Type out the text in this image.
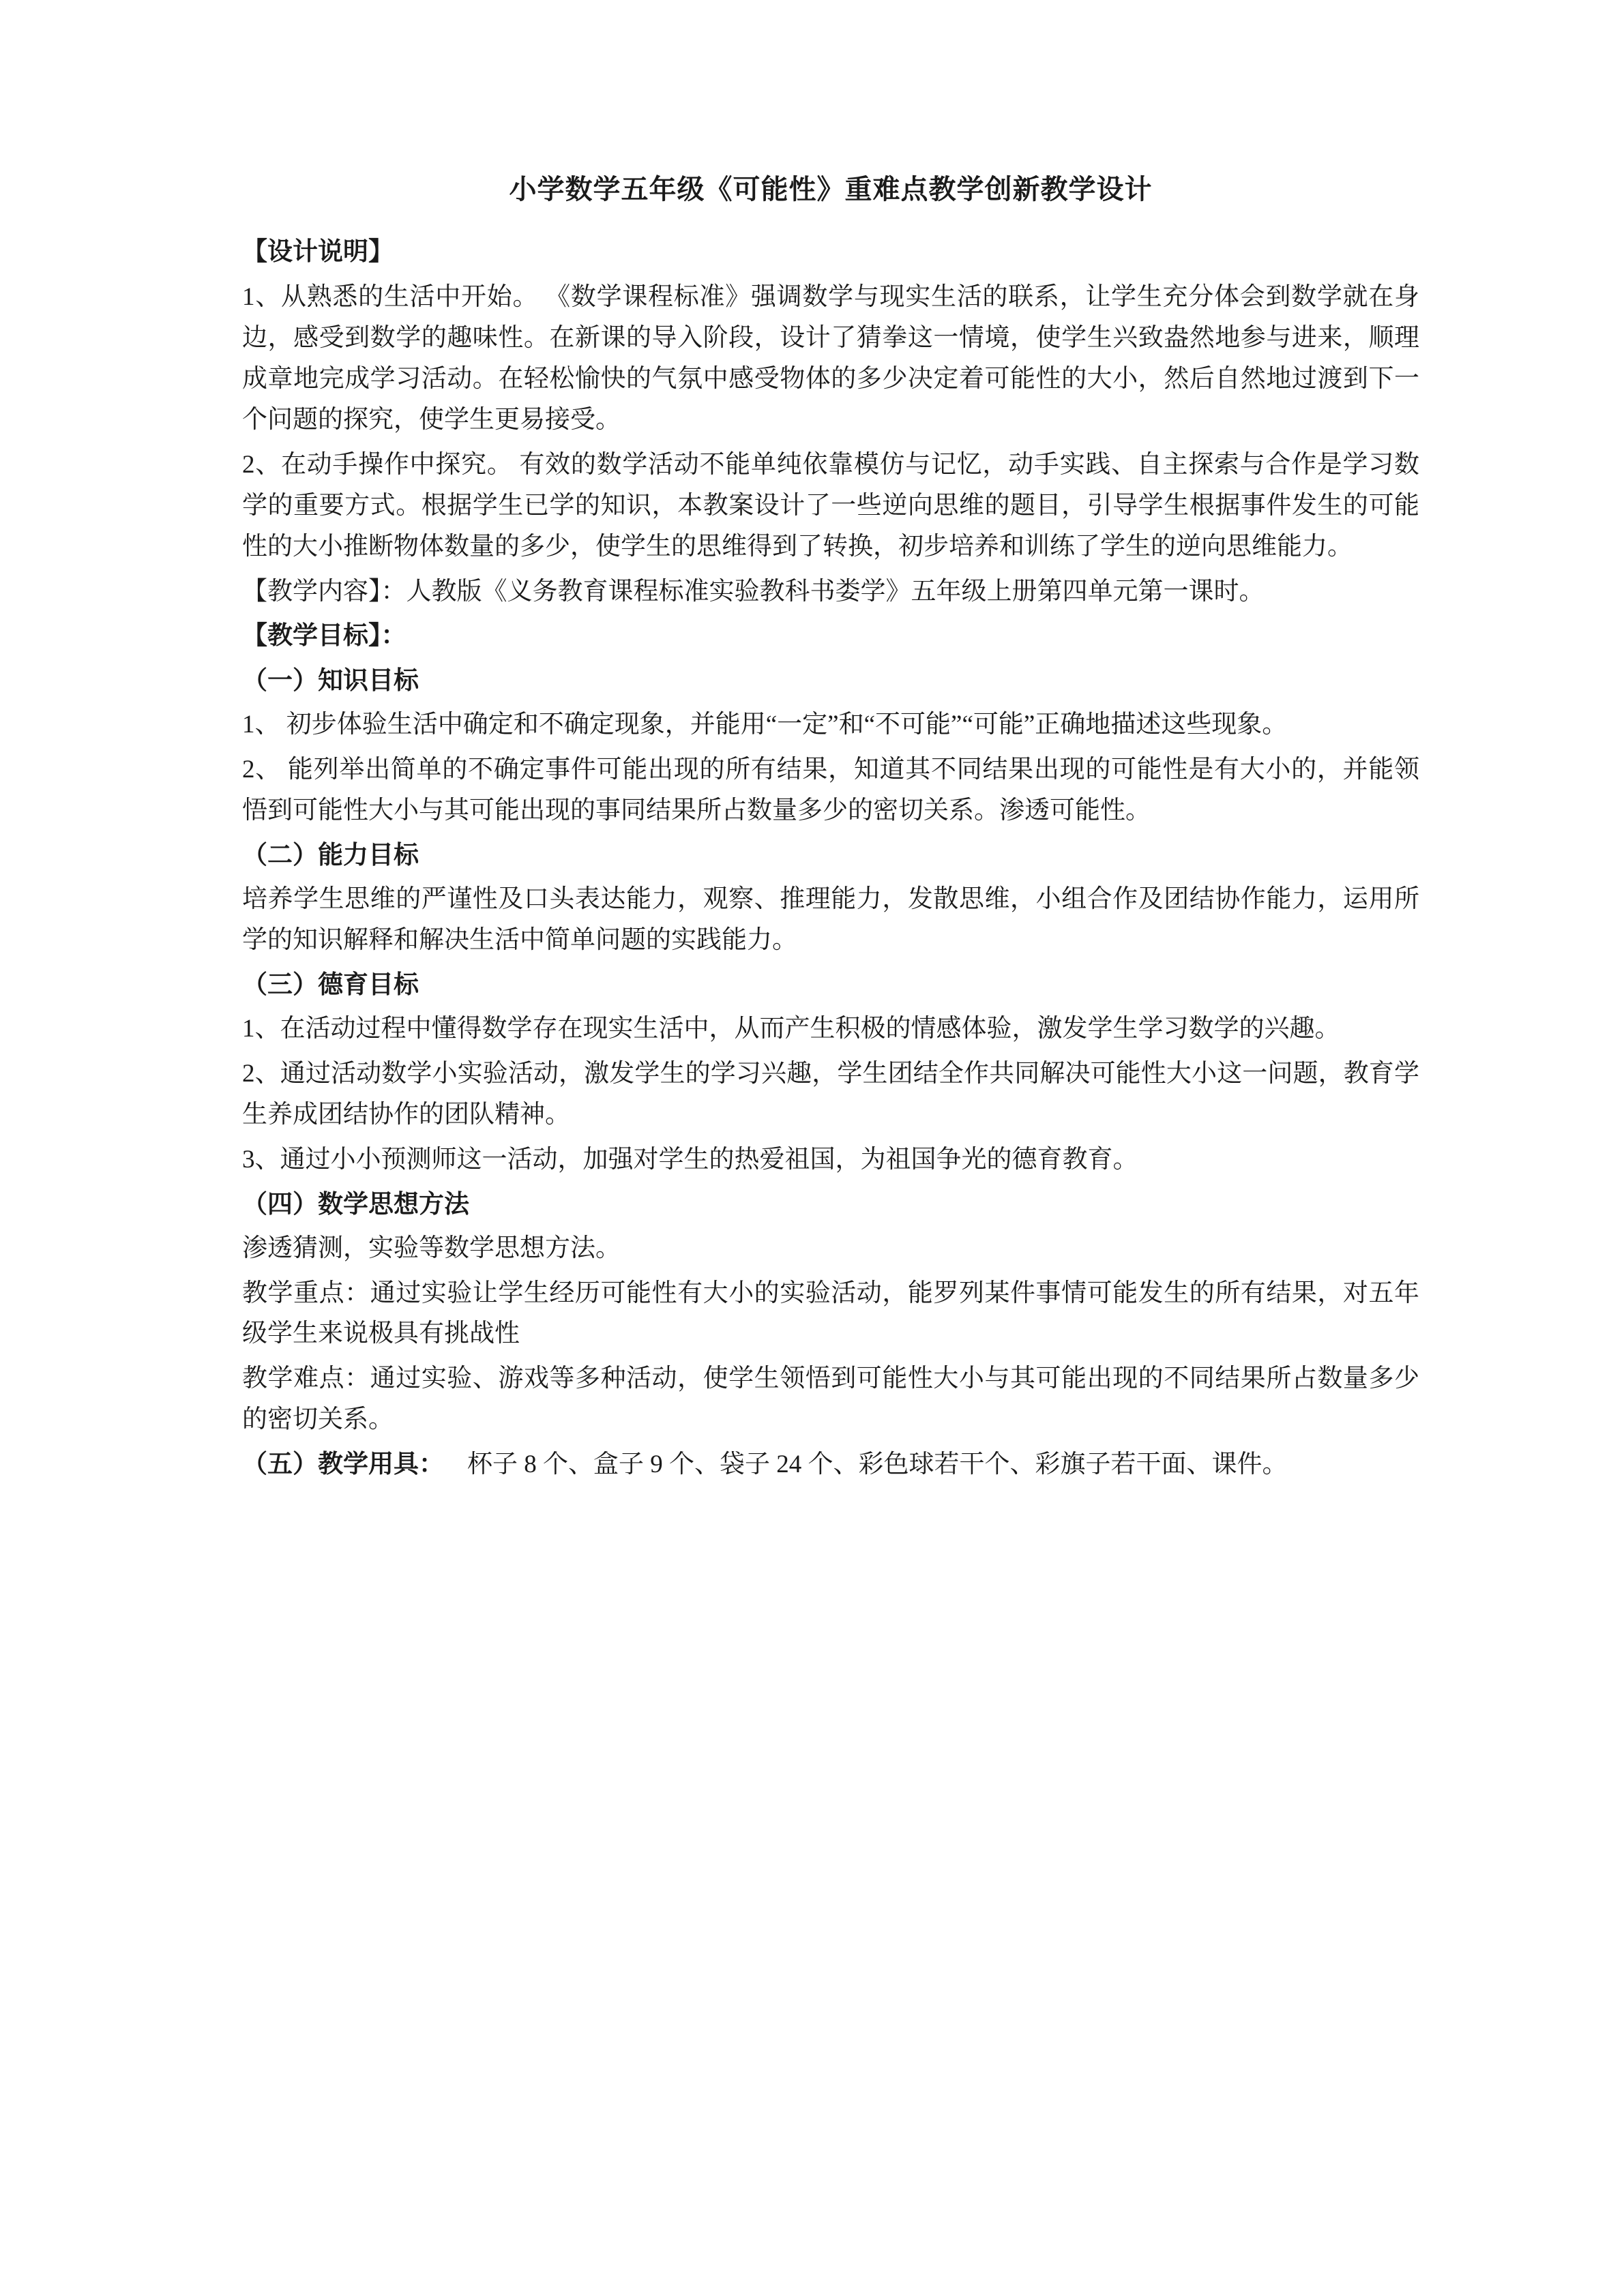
小学数学五年级《可能性》重难点教学创新教学设计

【设计说明】

1、从熟悉的生活中开始。 《数学课程标准》强调数学与现实生活的联系，让学生充分体会到数学就在身边，感受到数学的趣味性。在新课的导入阶段，设计了猜拳这一情境，使学生兴致盎然地参与进来，顺理成章地完成学习活动。在轻松愉快的气氛中感受物体的多少决定着可能性的大小，然后自然地过渡到下一个问题的探究，使学生更易接受。

2、在动手操作中探究。 有效的数学活动不能单纯依靠模仿与记忆，动手实践、自主探索与合作是学习数学的重要方式。根据学生已学的知识，本教案设计了一些逆向思维的题目，引导学生根据事件发生的可能性的大小推断物体数量的多少，使学生的思维得到了转换，初步培养和训练了学生的逆向思维能力。

【教学内容】：人教版《义务教育课程标准实验教科书娄学》五年级上册第四单元第一课时。

【教学目标】：

（一）知识目标

1、 初步体验生活中确定和不确定现象，并能用“一定”和“不可能”“可能”正确地描述这些现象。

2、 能列举出简单的不确定事件可能出现的所有结果，知道其不同结果出现的可能性是有大小的，并能领悟到可能性大小与其可能出现的事同结果所占数量多少的密切关系。渗透可能性。

（二）能力目标

培养学生思维的严谨性及口头表达能力，观察、推理能力，发散思维，小组合作及团结协作能力，运用所学的知识解释和解决生活中简单问题的实践能力。

（三）德育目标

1、在活动过程中懂得数学存在现实生活中，从而产生积极的情感体验，激发学生学习数学的兴趣。

2、通过活动数学小实验活动，激发学生的学习兴趣，学生团结全作共同解决可能性大小这一问题，教育学生养成团结协作的团队精神。

3、通过小小预测师这一活动，加强对学生的热爱祖国，为祖国争光的德育教育。

（四）数学思想方法

渗透猜测，实验等数学思想方法。

教学重点：通过实验让学生经历可能性有大小的实验活动，能罗列某件事情可能发生的所有结果，对五年级学生来说极具有挑战性

教学难点：通过实验、游戏等多种活动，使学生领悟到可能性大小与其可能出现的不同结果所占数量多少的密切关系。

（五）教学用具： 杯子 8 个、盒子 9 个、袋子 24 个、彩色球若干个、彩旗子若干面、课件。
